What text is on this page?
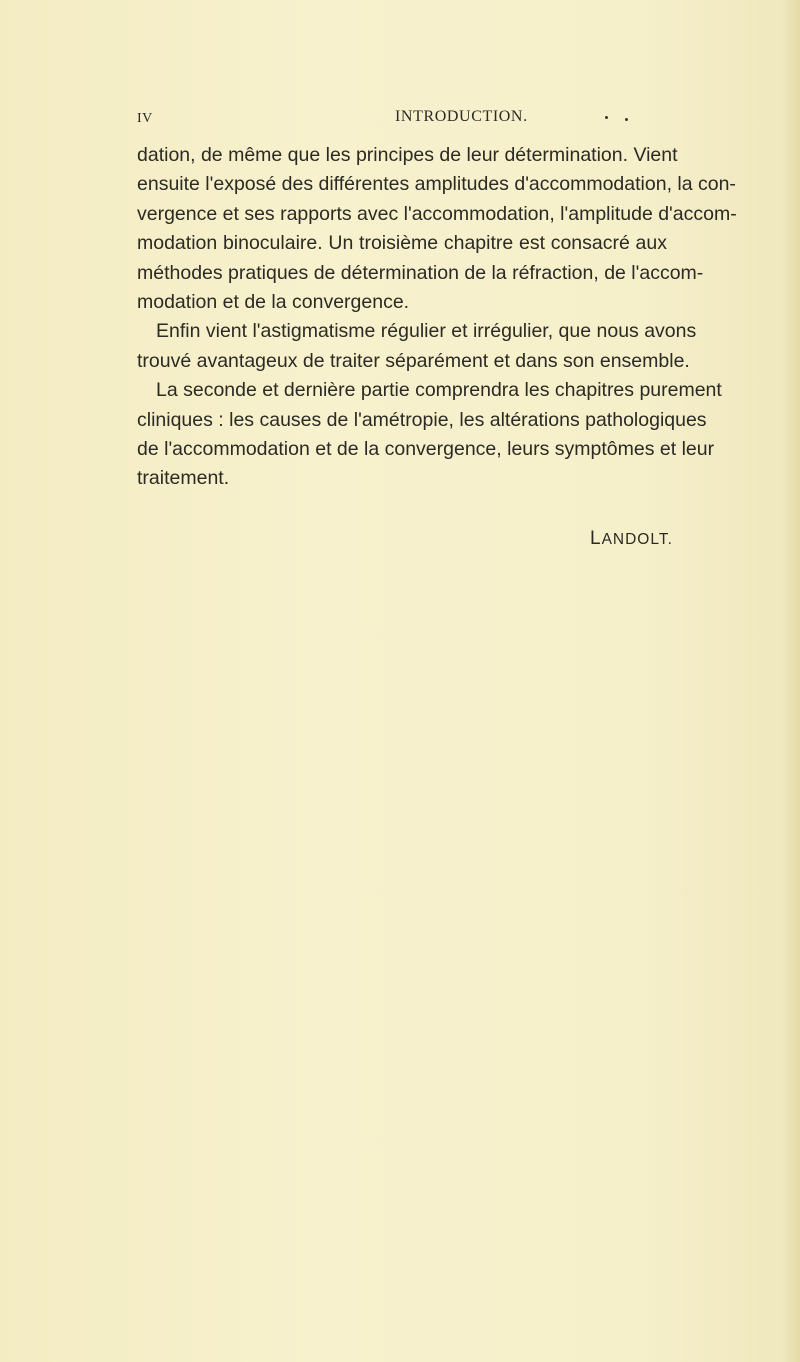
IV	INTRODUCTION.
dation, de même que les principes de leur détermination. Vient
ensuite l'exposé des différentes amplitudes d'accommodation, la con-
vergence et ses rapports avec l'accommodation, l'amplitude d'accom-
modation binoculaire. Un troisième chapitre est consacré aux
méthodes pratiques de détermination de la réfraction, de l'accom-
modation et de la convergence.
Enfin vient l'astigmatisme régulier et irrégulier, que nous avons
trouvé avantageux de traiter séparément et dans son ensemble.
La seconde et dernière partie comprendra les chapitres purement
cliniques : les causes de l'amétropie, les altérations pathologiques
de l'accommodation et de la convergence, leurs symptômes et leur
traitement.
LANDOLT.
